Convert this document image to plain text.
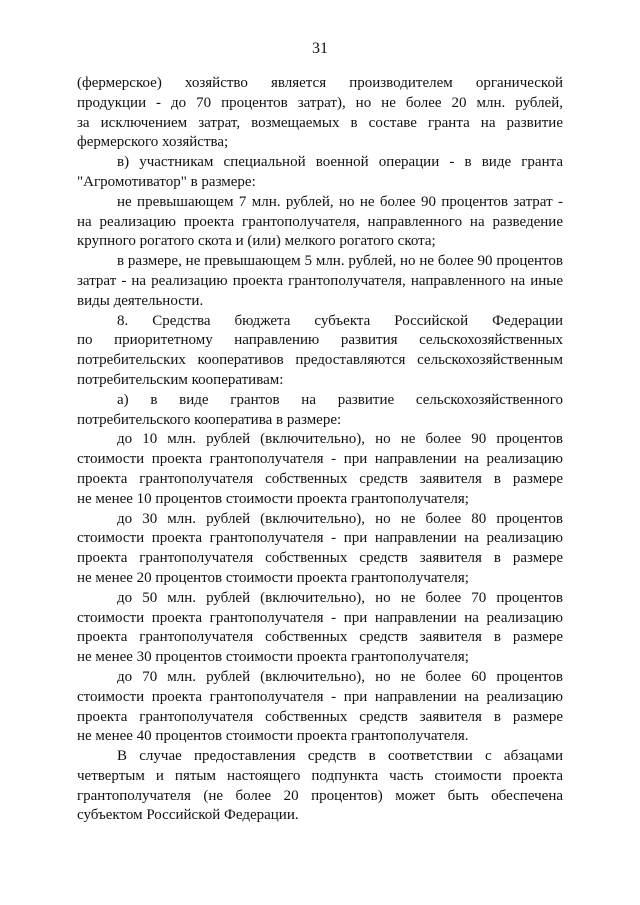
31
(фермерское) хозяйство является производителем органической
продукции - до 70 процентов затрат), но не более 20 млн. рублей,
за исключением затрат, возмещаемых в составе гранта на развитие
фермерского хозяйства;
в) участникам специальной военной операции - в виде гранта
"Агромотиватор" в размере:
не превышающем 7 млн. рублей, но не более 90 процентов затрат -
на реализацию проекта грантополучателя, направленного на разведение
крупного рогатого скота и (или) мелкого рогатого скота;
в размере, не превышающем 5 млн. рублей, но не более 90 процентов
затрат - на реализацию проекта грантополучателя, направленного на иные
виды деятельности.
8. Средства бюджета субъекта Российской Федерации
по приоритетному направлению развития сельскохозяйственных
потребительских кооперативов предоставляются сельскохозяйственным
потребительским кооперативам:
а) в виде грантов на развитие сельскохозяйственного
потребительского кооператива в размере:
до 10 млн. рублей (включительно), но не более 90 процентов
стоимости проекта грантополучателя - при направлении на реализацию
проекта грантополучателя собственных средств заявителя в размере
не менее 10 процентов стоимости проекта грантополучателя;
до 30 млн. рублей (включительно), но не более 80 процентов
стоимости проекта грантополучателя - при направлении на реализацию
проекта грантополучателя собственных средств заявителя в размере
не менее 20 процентов стоимости проекта грантополучателя;
до 50 млн. рублей (включительно), но не более 70 процентов
стоимости проекта грантополучателя - при направлении на реализацию
проекта грантополучателя собственных средств заявителя в размере
не менее 30 процентов стоимости проекта грантополучателя;
до 70 млн. рублей (включительно), но не более 60 процентов
стоимости проекта грантополучателя - при направлении на реализацию
проекта грантополучателя собственных средств заявителя в размере
не менее 40 процентов стоимости проекта грантополучателя.
В случае предоставления средств в соответствии с абзацами
четвертым и пятым настоящего подпункта часть стоимости проекта
грантополучателя (не более 20 процентов) может быть обеспечена
субъектом Российской Федерации.
